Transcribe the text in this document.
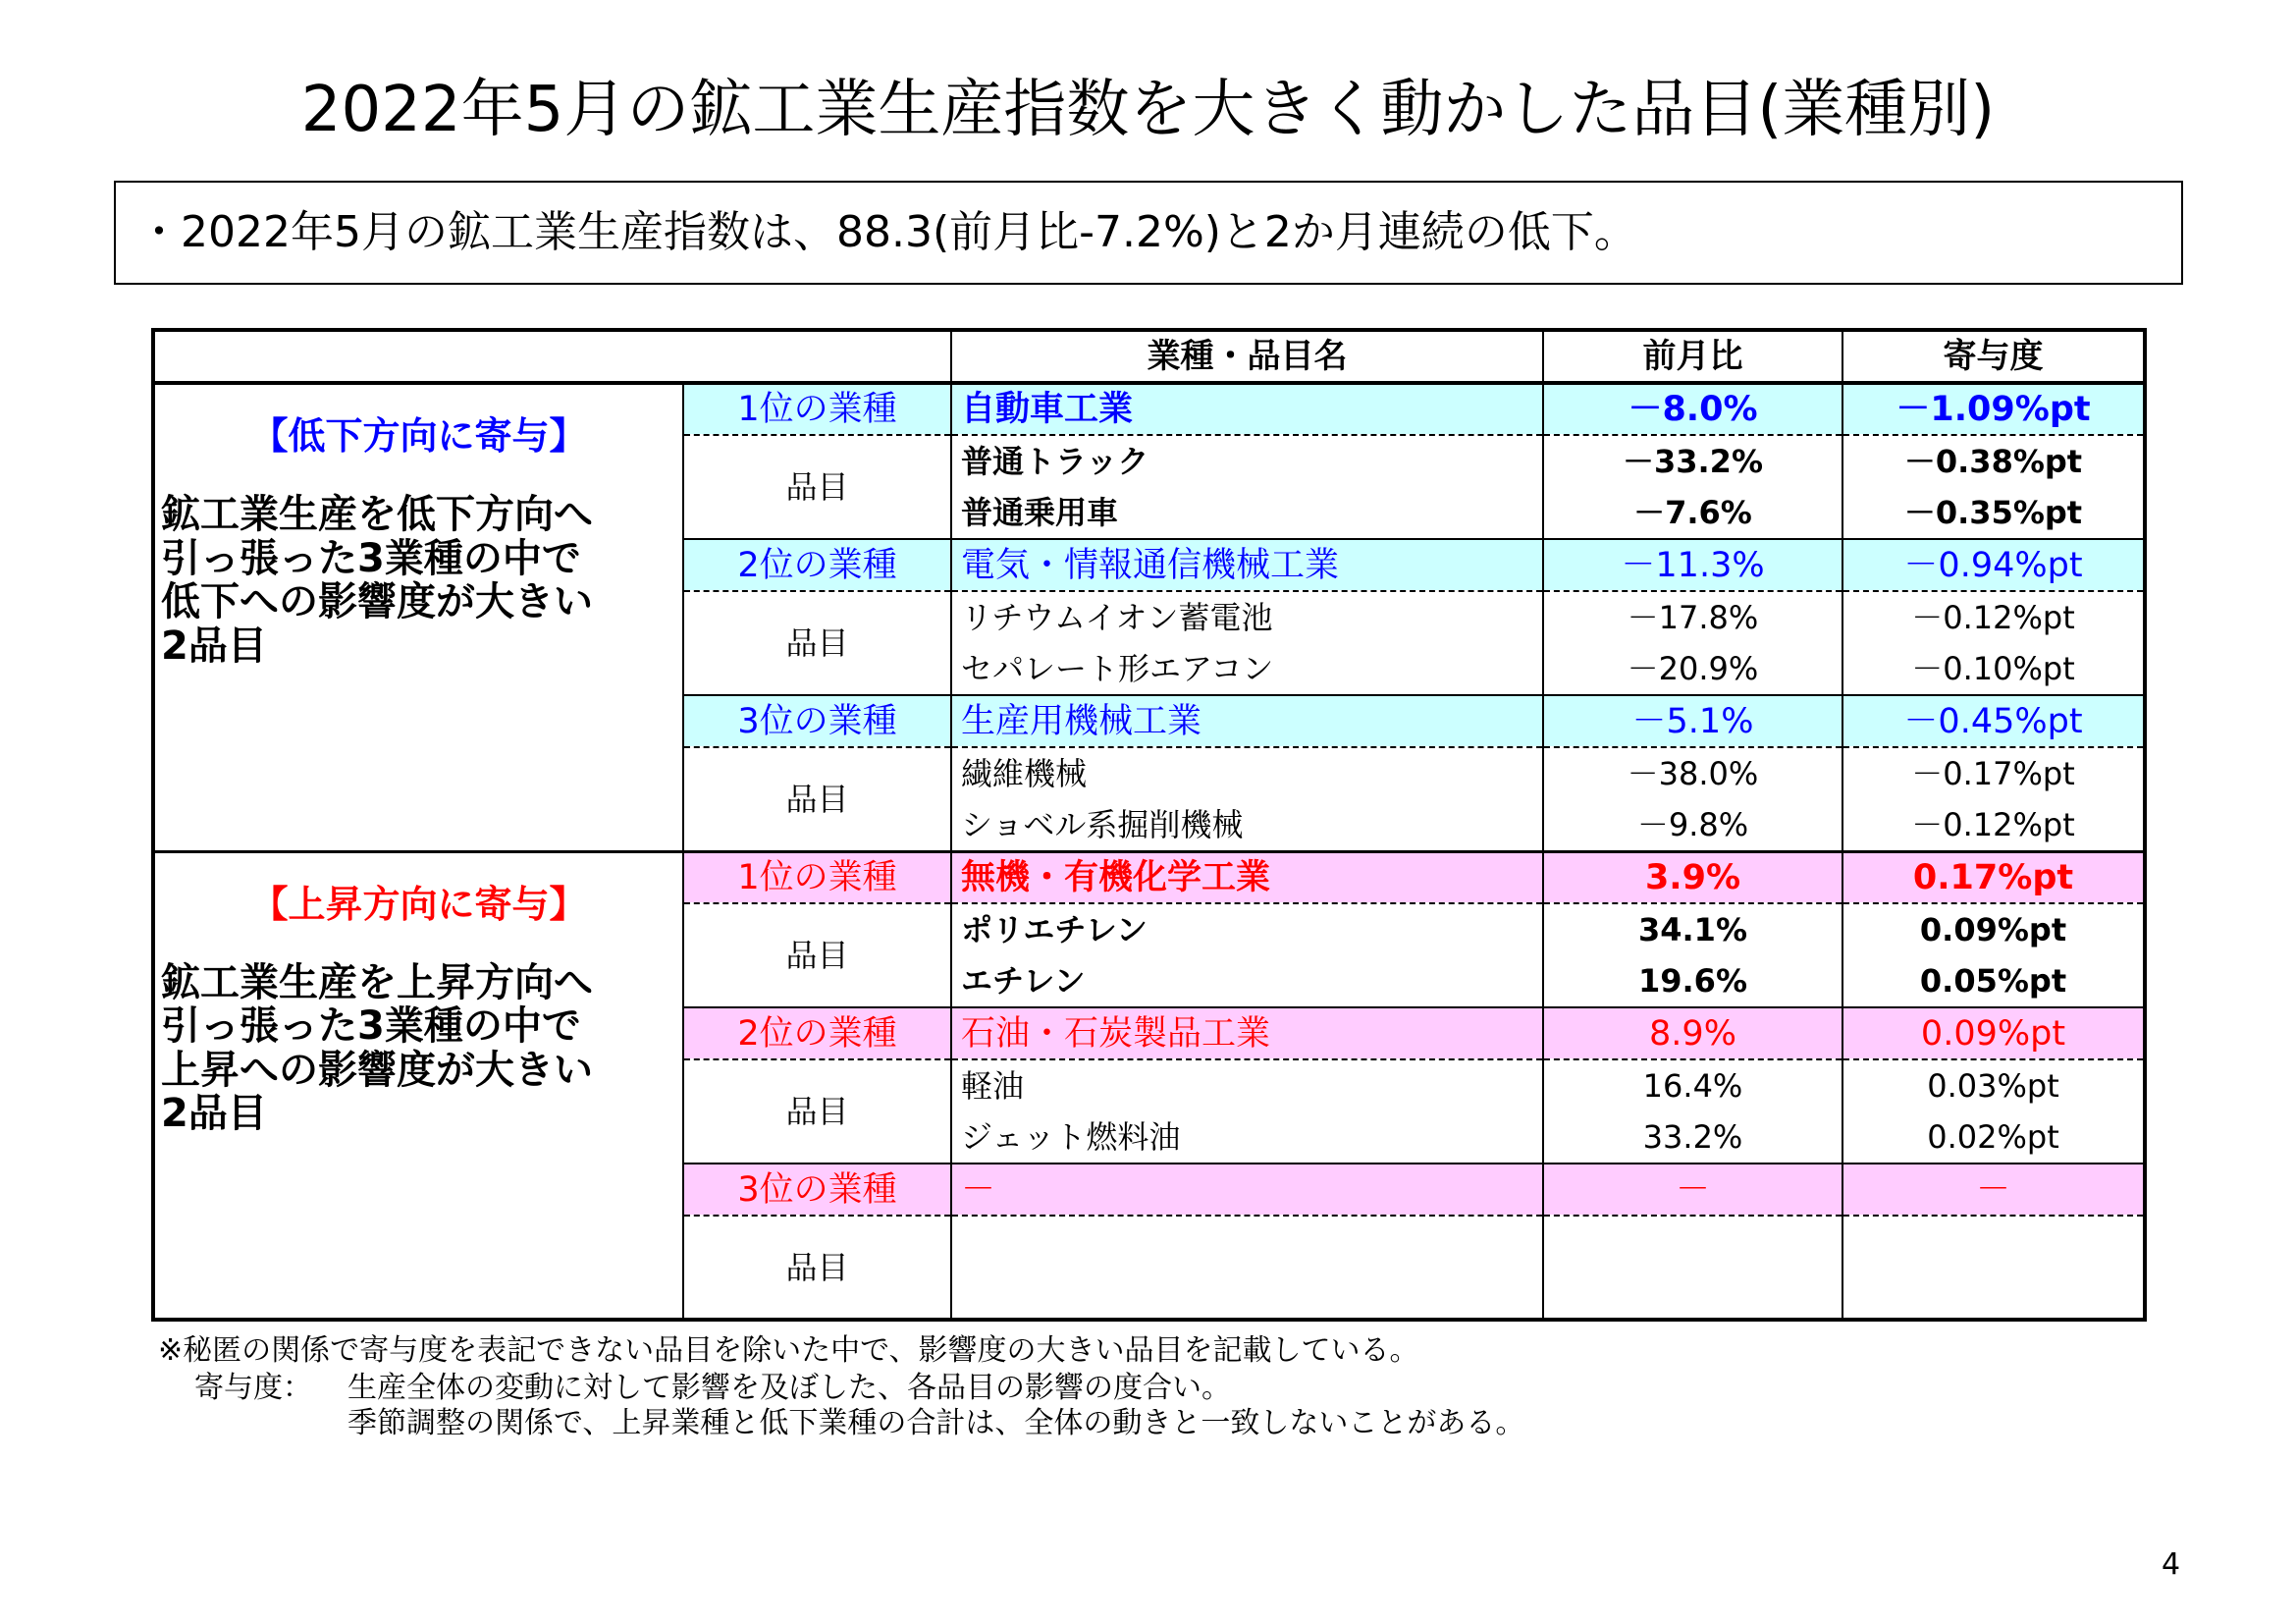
2022年5月の鉱工業生産指数を大きく動かした品目(業種別)
・2022年5月の鉱工業生産指数は、88.3(前月比-7.2%)と2か月連続の低下。
		業種・品目名	前月比	寄与度

【低下方向に寄与】
鉱工業生産を低下方向へ
引っ張った3業種の中で
低下への影響度が大きい
2品目	1位の業種	自動車工業	－8.0%	－1.09%pt
	品目	普通トラック	－33.2%	－0.38%pt
		普通乗用車	－7.6%	－0.35%pt
	2位の業種	電気・情報通信機械工業	－11.3%	－0.94%pt
	品目	リチウムイオン蓄電池	－17.8%	－0.12%pt
		セパレート形エアコン	－20.9%	－0.10%pt
	3位の業種	生産用機械工業	－5.1%	－0.45%pt
	品目	繊維機械	－38.0%	－0.17%pt
		ショベル系掘削機械	－9.8%	－0.12%pt

【上昇方向に寄与】
鉱工業生産を上昇方向へ
引っ張った3業種の中で
上昇への影響度が大きい
2品目	1位の業種	無機・有機化学工業	3.9%	0.17%pt
	品目	ポリエチレン	34.1%	0.09%pt
		エチレン	19.6%	0.05%pt
	2位の業種	石油・石炭製品工業	8.9%	0.09%pt
	品目	軽油	16.4%	0.03%pt
		ジェット燃料油	33.2%	0.02%pt
	3位の業種	－	－	－
	品目			
※秘匿の関係で寄与度を表記できない品目を除いた中で、影響度の大きい品目を記載している。
寄与度： 生産全体の変動に対して影響を及ぼした、各品目の影響の度合い。
季節調整の関係で、上昇業種と低下業種の合計は、全体の動きと一致しないことがある。
4
